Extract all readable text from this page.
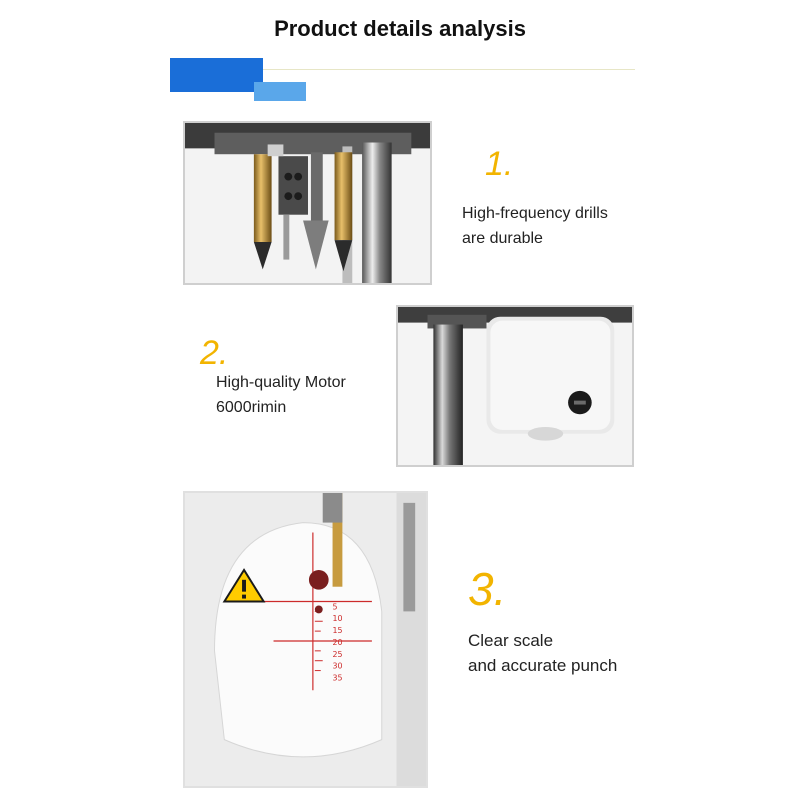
Product details analysis
1.
High-frequency drills
are durable
2.
High-quality Motor
6000rimin
5
10
15
20
25
30
35
3.
Clear scale
and accurate punch
